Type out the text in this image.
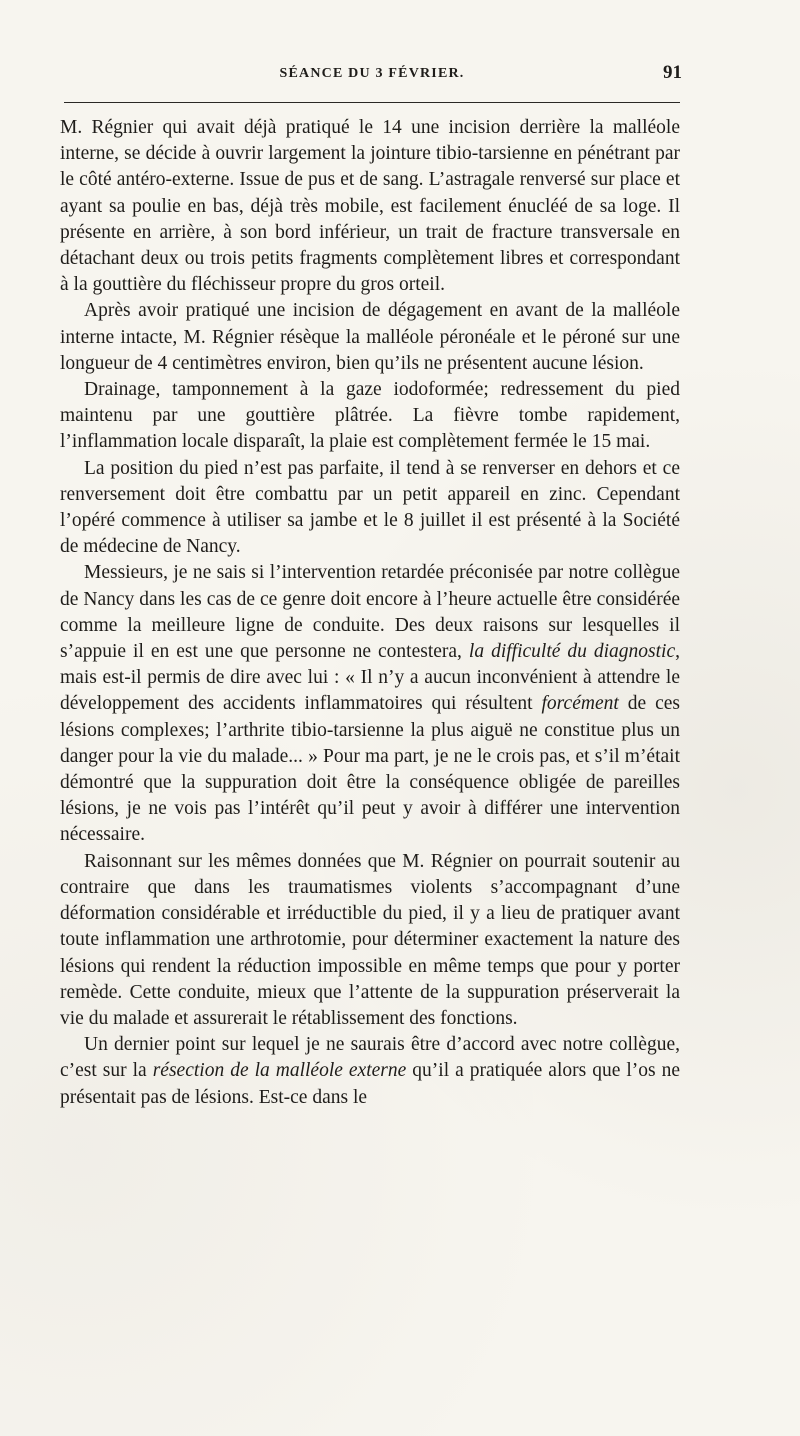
SÉANCE DU 3 FÉVRIER.	91

M. Régnier qui avait déjà pratiqué le 14 une incision derrière la malléole interne, se décide à ouvrir largement la jointure tibio-tarsienne en pénétrant par le côté antéro-externe. Issue de pus et de sang. L’astragale renversé sur place et ayant sa poulie en bas, déjà très mobile, est facilement énucléé de sa loge. Il présente en arrière, à son bord inférieur, un trait de fracture transversale en détachant deux ou trois petits fragments complètement libres et correspondant à la gouttière du fléchisseur propre du gros orteil.

Après avoir pratiqué une incision de dégagement en avant de la malléole interne intacte, M. Régnier résèque la malléole péronéale et le péroné sur une longueur de 4 centimètres environ, bien qu’ils ne présentent aucune lésion.

Drainage, tamponnement à la gaze iodoformée; redressement du pied maintenu par une gouttière plâtrée. La fièvre tombe rapidement, l’inflammation locale disparaît, la plaie est complètement fermée le 15 mai.

La position du pied n’est pas parfaite, il tend à se renverser en dehors et ce renversement doit être combattu par un petit appareil en zinc. Cependant l’opéré commence à utiliser sa jambe et le 8 juillet il est présenté à la Société de médecine de Nancy.

Messieurs, je ne sais si l’intervention retardée préconisée par notre collègue de Nancy dans les cas de ce genre doit encore à l’heure actuelle être considérée comme la meilleure ligne de conduite. Des deux raisons sur lesquelles il s’appuie il en est une que personne ne contestera, la difficulté du diagnostic, mais est-il permis de dire avec lui : « Il n’y a aucun inconvénient à attendre le développement des accidents inflammatoires qui résultent forcément de ces lésions complexes; l’arthrite tibio-tarsienne la plus aiguë ne constitue plus un danger pour la vie du malade... » Pour ma part, je ne le crois pas, et s’il m’était démontré que la suppuration doit être la conséquence obligée de pareilles lésions, je ne vois pas l’intérêt qu’il peut y avoir à différer une intervention nécessaire.

Raisonnant sur les mêmes données que M. Régnier on pourrait soutenir au contraire que dans les traumatismes violents s’accompagnant d’une déformation considérable et irréductible du pied, il y a lieu de pratiquer avant toute inflammation une arthrotomie, pour déterminer exactement la nature des lésions qui rendent la réduction impossible en même temps que pour y porter remède. Cette conduite, mieux que l’attente de la suppuration préserverait la vie du malade et assurerait le rétablissement des fonctions.

Un dernier point sur lequel je ne saurais être d’accord avec notre collègue, c’est sur la résection de la malléole externe qu’il a pratiquée alors que l’os ne présentait pas de lésions. Est-ce dans le
